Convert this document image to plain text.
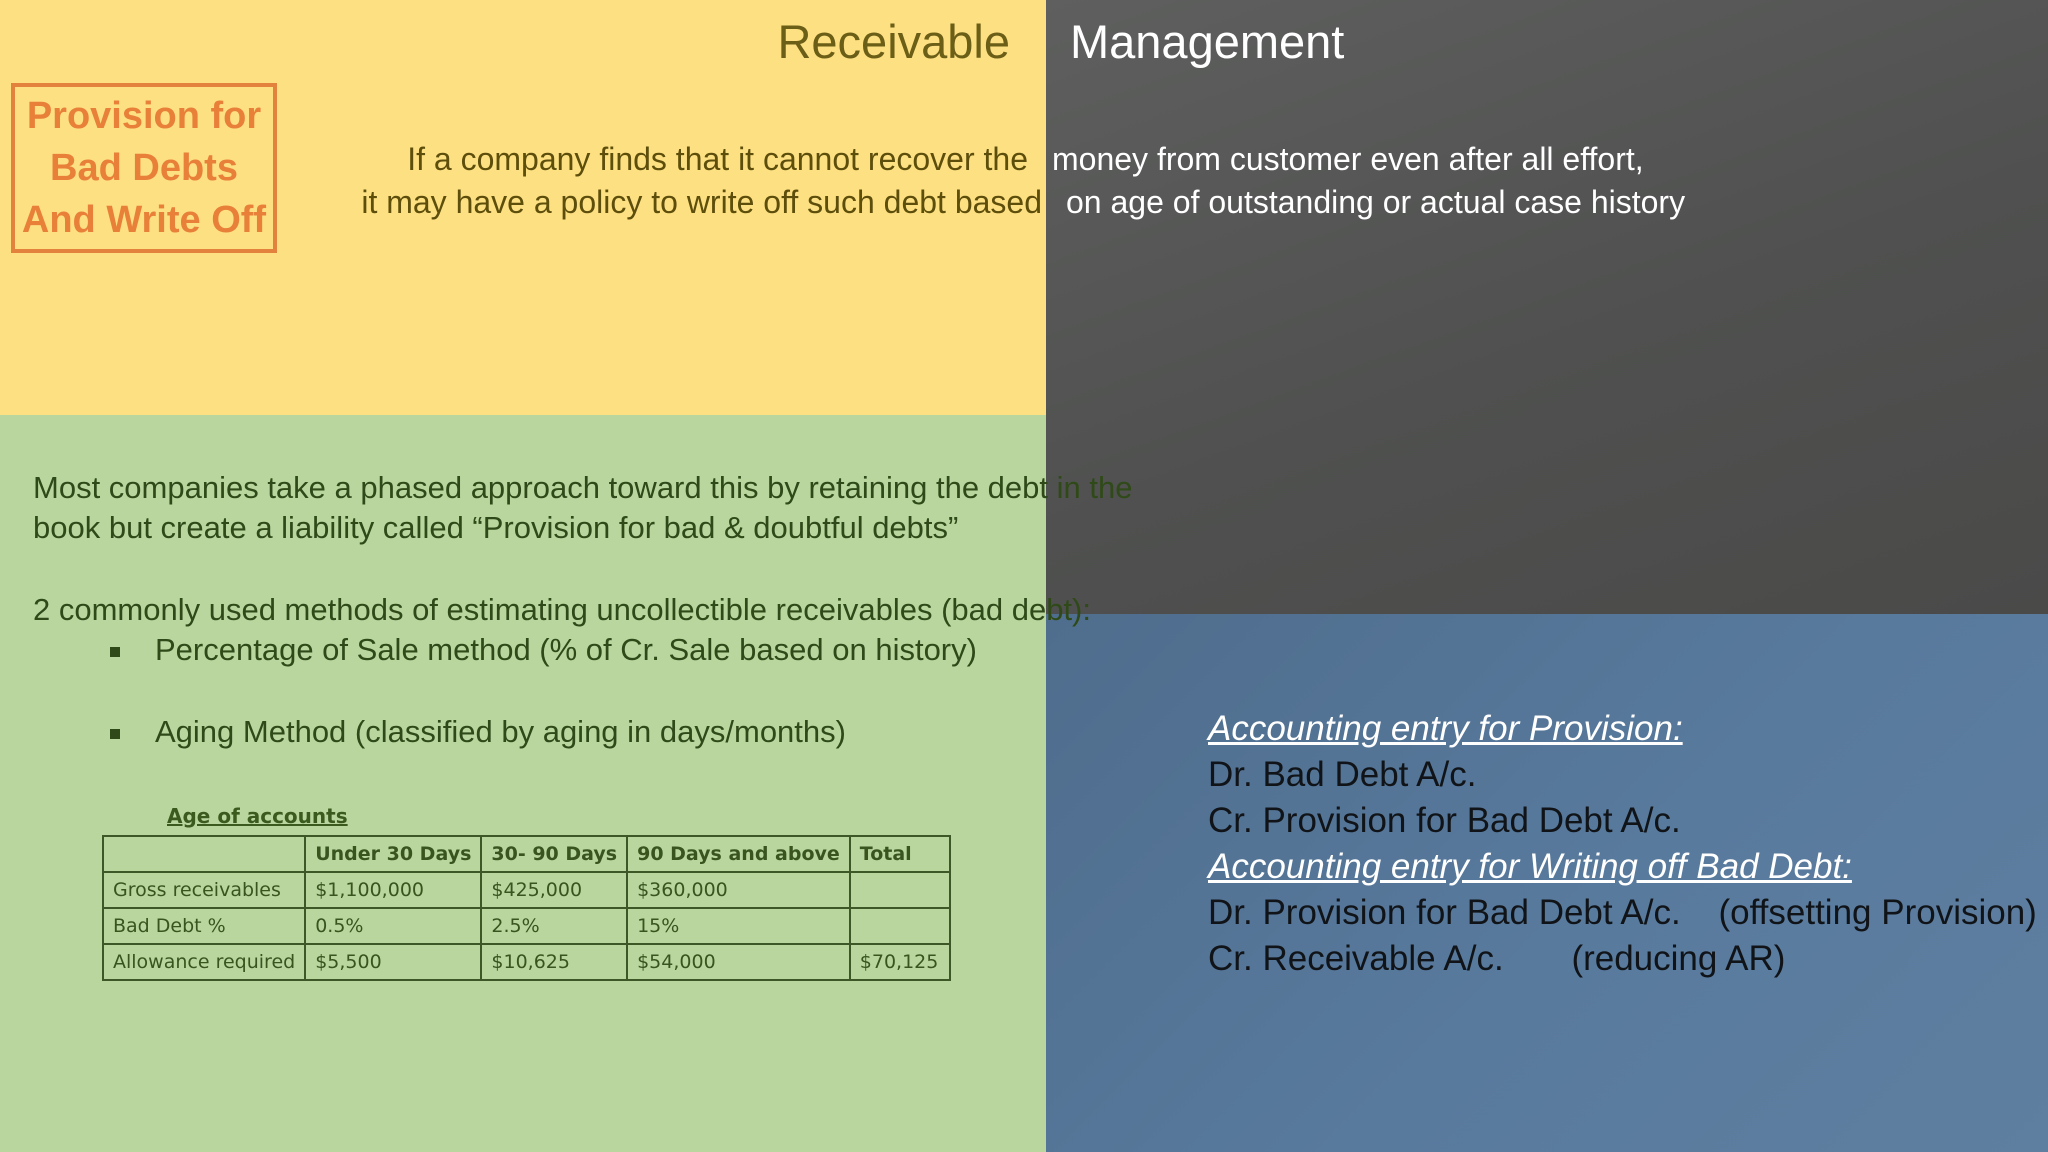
Receivable Management
Provision for
Bad Debts
And Write Off
If a company finds that it cannot recover the money from customer even after all effort,
it may have a policy to write off such debt based on age of outstanding or actual case history
Most companies take a phased approach toward this by retaining the debt in the
book but create a liability called “Provision for bad & doubtful debts”
2 commonly used methods of estimating uncollectible receivables (bad debt):
Percentage of Sale method (% of Cr. Sale based on history)
Aging Method (classified by aging in days/months)
Age of accounts
	Under 30 Days	30- 90 Days	90 Days and above	Total
Gross receivables	$1,100,000	$425,000	$360,000	
Bad Debt %	0.5%	2.5%	15%	
Allowance required	$5,500	$10,625	$54,000	$70,125
Accounting entry for Provision:
Dr. Bad Debt A/c.
Cr. Provision for Bad Debt A/c.
Accounting entry for Writing off Bad Debt:
Dr. Provision for Bad Debt A/c. (offsetting Provision)
Cr. Receivable A/c. (reducing AR)
